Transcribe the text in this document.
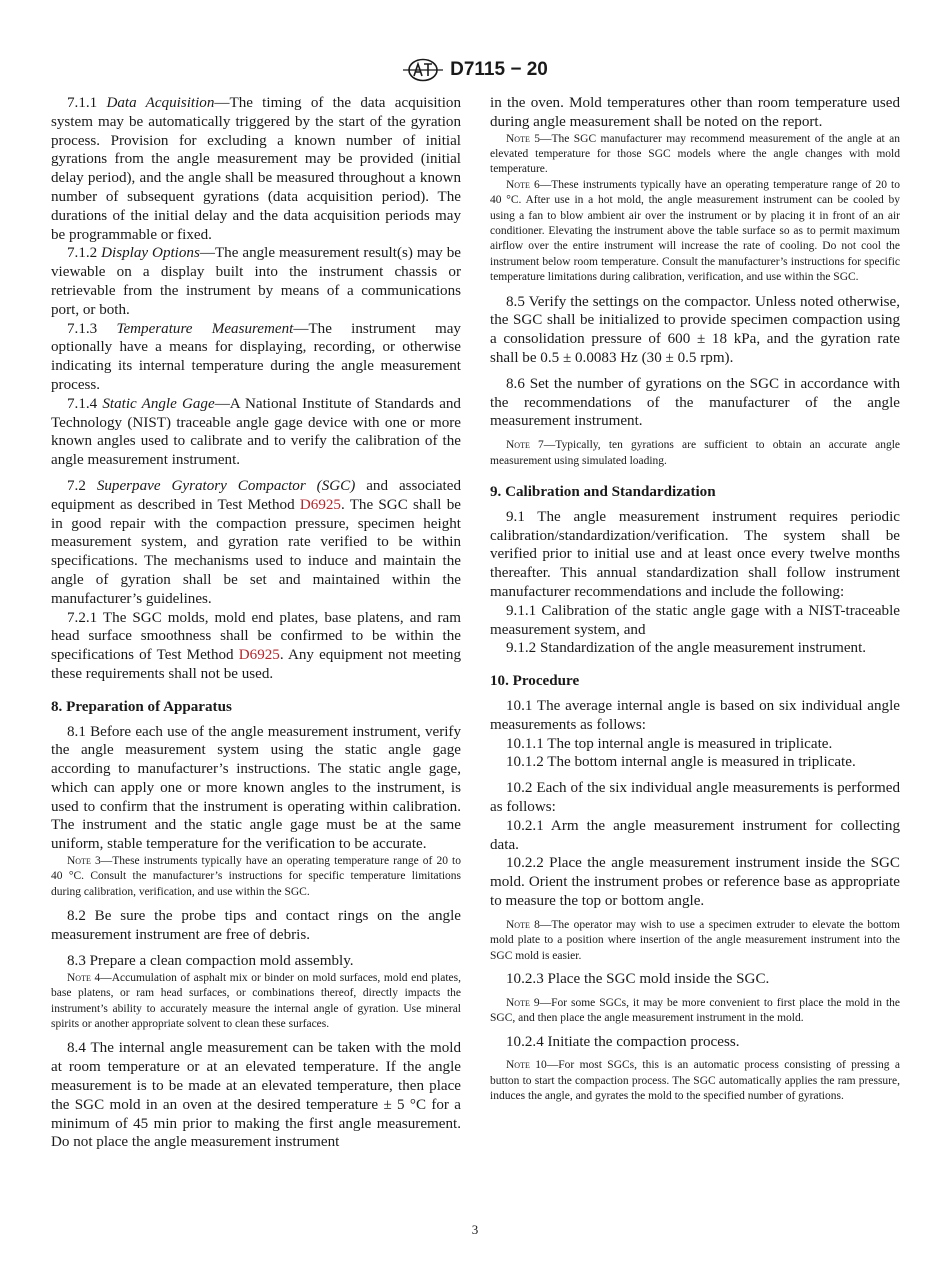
D7115 − 20

7.1.1 Data Acquisition—The timing of the data acquisition system may be automatically triggered by the start of the gyration process. Provision for excluding a known number of initial gyrations from the angle measurement may be provided (initial delay period), and the angle shall be measured throughout a known number of subsequent gyrations (data acquisition period). The durations of the initial delay and the data acquisition periods may be programmable or fixed.

7.1.2 Display Options—The angle measurement result(s) may be viewable on a display built into the instrument chassis or retrievable from the instrument by means of a communications port, or both.

7.1.3 Temperature Measurement—The instrument may optionally have a means for displaying, recording, or otherwise indicating its internal temperature during the angle measurement process.

7.1.4 Static Angle Gage—A National Institute of Standards and Technology (NIST) traceable angle gage device with one or more known angles used to calibrate and to verify the calibration of the angle measurement instrument.

7.2 Superpave Gyratory Compactor (SGC) and associated equipment as described in Test Method D6925. The SGC shall be in good repair with the compaction pressure, specimen height measurement system, and gyration rate verified to be within specifications. The mechanisms used to induce and maintain the angle of gyration shall be set and maintained within the manufacturer’s guidelines.

7.2.1 The SGC molds, mold end plates, base platens, and ram head surface smoothness shall be confirmed to be within the specifications of Test Method D6925. Any equipment not meeting these requirements shall not be used.

8. Preparation of Apparatus

8.1 Before each use of the angle measurement instrument, verify the angle measurement system using the static angle gage according to manufacturer’s instructions. The static angle gage, which can apply one or more known angles to the instrument, is used to confirm that the instrument is operating within calibration. The instrument and the static angle gage must be at the same uniform, stable temperature for the verification to be accurate.

Note 3—These instruments typically have an operating temperature range of 20 to 40 °C. Consult the manufacturer’s instructions for specific temperature limitations during calibration, verification, and use within the SGC.

8.2 Be sure the probe tips and contact rings on the angle measurement instrument are free of debris.

8.3 Prepare a clean compaction mold assembly.

Note 4—Accumulation of asphalt mix or binder on mold surfaces, mold end plates, base platens, or ram head surfaces, or combinations thereof, directly impacts the instrument’s ability to accurately measure the internal angle of gyration. Use mineral spirits or another appropriate solvent to clean these surfaces.

8.4 The internal angle measurement can be taken with the mold at room temperature or at an elevated temperature. If the angle measurement is to be made at an elevated temperature, then place the SGC mold in an oven at the desired temperature ± 5 °C for a minimum of 45 min prior to making the first angle measurement. Do not place the angle measurement instrument

in the oven. Mold temperatures other than room temperature used during angle measurement shall be noted on the report.

Note 5—The SGC manufacturer may recommend measurement of the angle at an elevated temperature for those SGC models where the angle changes with mold temperature.

Note 6—These instruments typically have an operating temperature range of 20 to 40 °C. After use in a hot mold, the angle measurement instrument can be cooled by using a fan to blow ambient air over the instrument or by placing it in front of an air conditioner. Elevating the instrument above the table surface so as to permit maximum airflow over the entire instrument will increase the rate of cooling. Do not cool the instrument below room temperature. Consult the manufacturer’s instructions for specific temperature limitations during calibration, verification, and use within the SGC.

8.5 Verify the settings on the compactor. Unless noted otherwise, the SGC shall be initialized to provide specimen compaction using a consolidation pressure of 600 ± 18 kPa, and the gyration rate shall be 0.5 ± 0.0083 Hz (30 ± 0.5 rpm).

8.6 Set the number of gyrations on the SGC in accordance with the recommendations of the manufacturer of the angle measurement instrument.

Note 7—Typically, ten gyrations are sufficient to obtain an accurate angle measurement using simulated loading.

9. Calibration and Standardization

9.1 The angle measurement instrument requires periodic calibration/standardization/verification. The system shall be verified prior to initial use and at least once every twelve months thereafter. This annual standardization shall follow instrument manufacturer recommendations and include the following:

9.1.1 Calibration of the static angle gage with a NIST-traceable measurement system, and

9.1.2 Standardization of the angle measurement instrument.

10. Procedure

10.1 The average internal angle is based on six individual angle measurements as follows:

10.1.1 The top internal angle is measured in triplicate.

10.1.2 The bottom internal angle is measured in triplicate.

10.2 Each of the six individual angle measurements is performed as follows:

10.2.1 Arm the angle measurement instrument for collecting data.

10.2.2 Place the angle measurement instrument inside the SGC mold. Orient the instrument probes or reference base as appropriate to measure the top or bottom angle.

Note 8—The operator may wish to use a specimen extruder to elevate the bottom mold plate to a position where insertion of the angle measurement instrument into the SGC mold is easier.

10.2.3 Place the SGC mold inside the SGC.

Note 9—For some SGCs, it may be more convenient to first place the mold in the SGC, and then place the angle measurement instrument in the mold.

10.2.4 Initiate the compaction process.

Note 10—For most SGCs, this is an automatic process consisting of pressing a button to start the compaction process. The SGC automatically applies the ram pressure, induces the angle, and gyrates the mold to the specified number of gyrations.

3
